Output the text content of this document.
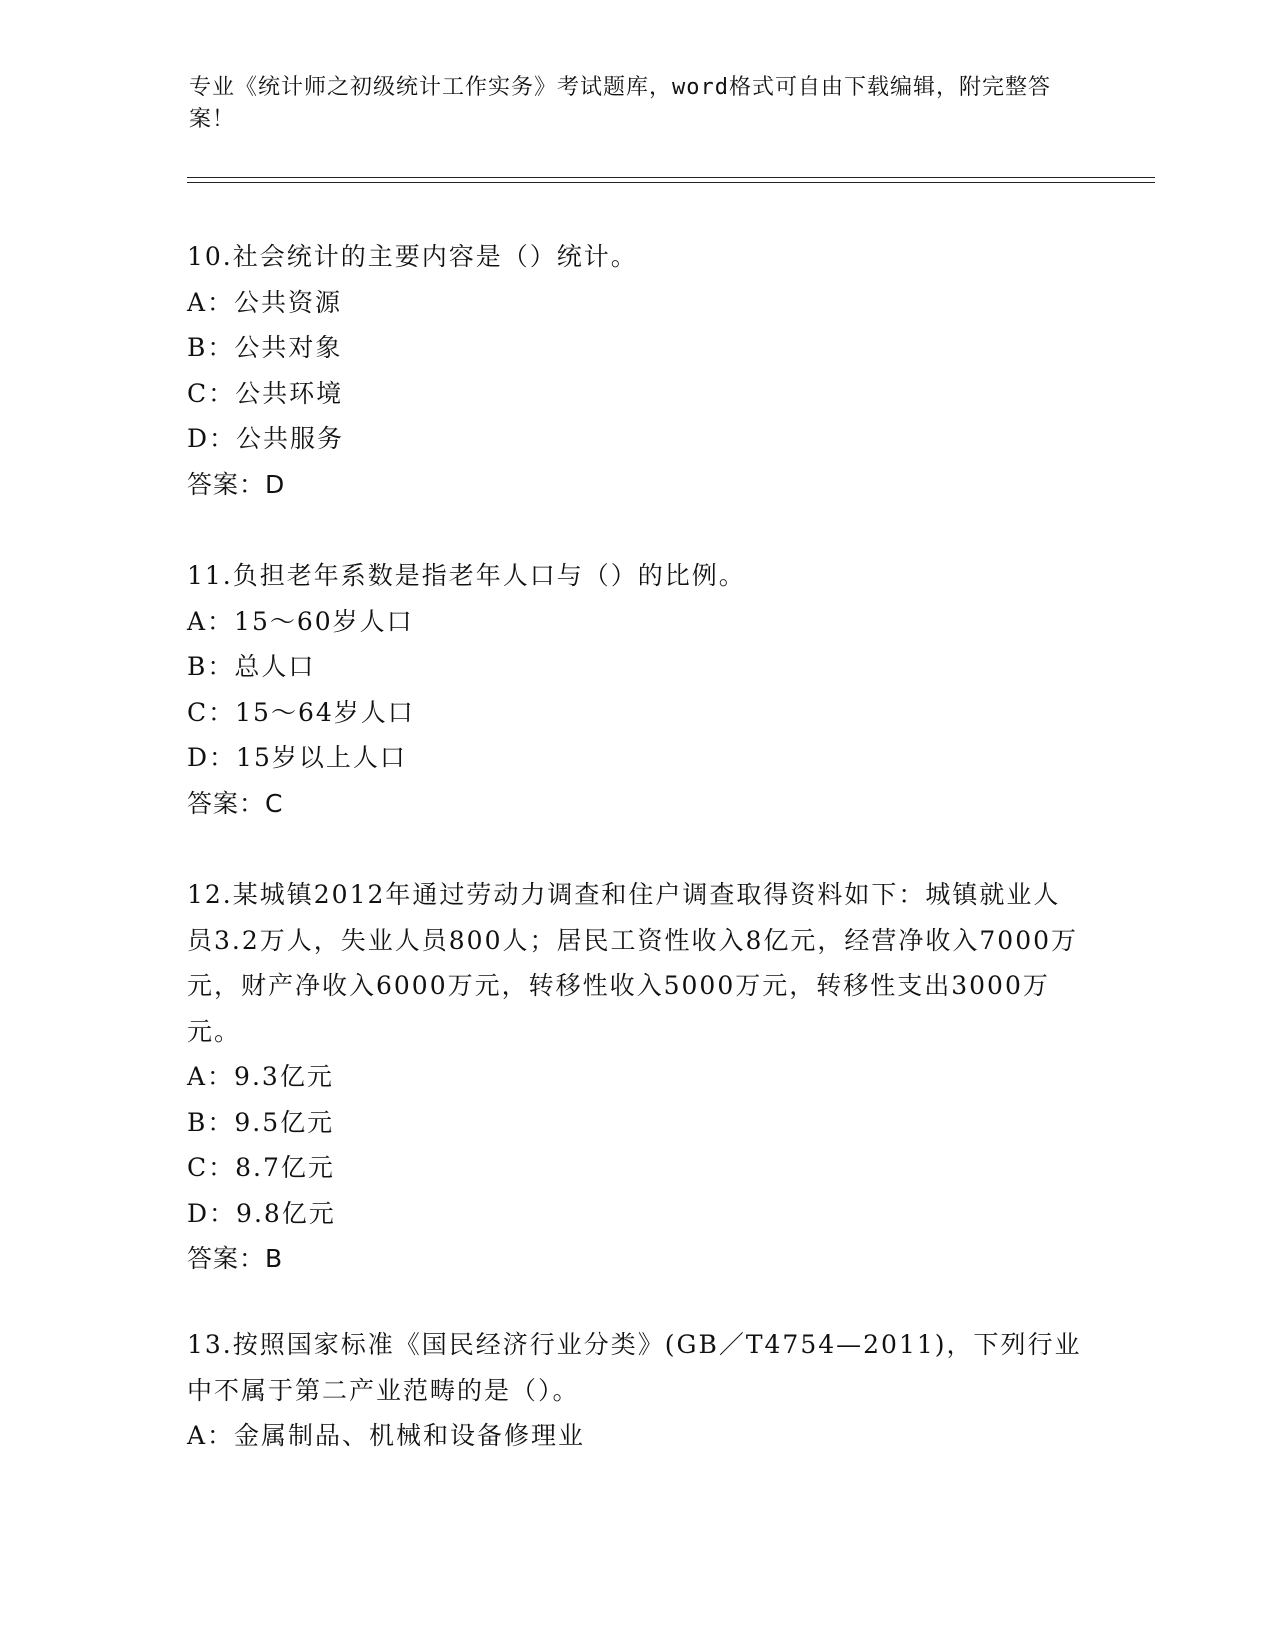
专业《统计师之初级统计工作实务》考试题库，word格式可自由下载编辑，附完整答案！
10.社会统计的主要内容是（）统计。
A：公共资源
B：公共对象
C：公共环境
D：公共服务
答案：D
11.负担老年系数是指老年人口与（）的比例。
A：15～60岁人口
B：总人口
C：15～64岁人口
D：15岁以上人口
答案：C
12.某城镇2012年通过劳动力调查和住户调查取得资料如下：城镇就业人员3.2万人，失业人员800人；居民工资性收入8亿元，经营净收入7000万元，财产净收入6000万元，转移性收入5000万元，转移性支出3000万元。
A：9.3亿元
B：9.5亿元
C：8.7亿元
D：9.8亿元
答案：B
13.按照国家标准《国民经济行业分类》(GB／T4754—2011)，下列行业中不属于第二产业范畴的是（）。
A：金属制品、机械和设备修理业
